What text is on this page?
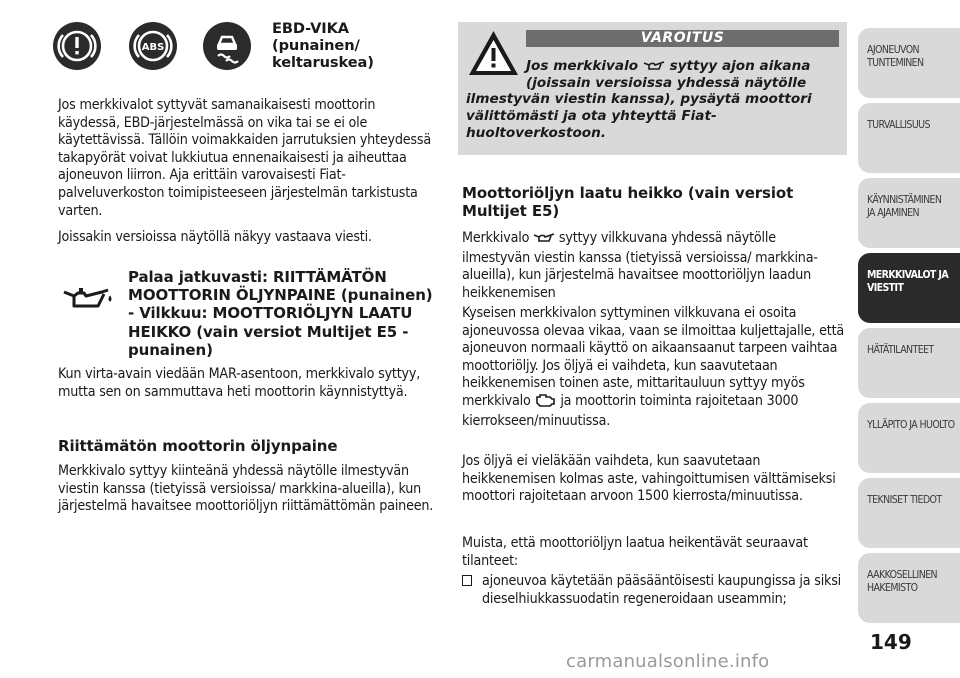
ABS
EBD-VIKA
(punainen/
keltaruskea)

Jos merkkivalot syttyvät samanaikaisesti moottorin käydessä, EBD-järjestelmässä on vika tai se ei ole käytettävissä. Tällöin voimakkaiden jarrutuksien yhteydessä takapyörät voivat lukkiutua ennenaikaisesti ja aiheuttaa ajoneuvon liirron. Aja erittäin varovaisesti Fiat-palveluverkoston toimipisteeseen järjestelmän tarkistusta varten.

Joissakin versioissa näytöllä näkyy vastaava viesti.

Palaa jatkuvasti: RIITTÄMÄTÖN MOOTTORIN ÖLJYNPAINE (punainen) - Vilkkuu: MOOTTORIÖLJYN LAATU HEIKKO (vain versiot Multijet E5 - punainen)
Kun virta-avain viedään MAR-asentoon, merkkivalo syttyy, mutta sen on sammuttava heti moottorin käynnistyttyä.
Riittämätön moottorin öljynpaine
Merkkivalo syttyy kiinteänä yhdessä näytölle ilmestyvän viestin kanssa (tietyissä versioissa/ markkina-alueilla), kun järjestelmä havaitsee moottoriöljyn riittämättömän paineen.
VAROITUS
Jos merkkivalo syttyy ajon aikana
(joissain versioissa yhdessä näytölle
ilmestyvän viestin kanssa), pysäytä moottori
välittömästi ja ota yhteyttä Fiat-
huoltoverkostoon.
Moottoriöljyn laatu heikko (vain versiot Multijet E5)
Merkkivalo syttyy vilkkuvana yhdessä näytölle ilmestyvän viestin kanssa (tietyissä versioissa/ markkina-alueilla), kun järjestelmä havaitsee moottoriöljyn laadun heikkenemisen
Kyseisen merkkivalon syttyminen vilkkuvana ei osoita ajoneuvossa olevaa vikaa, vaan se ilmoittaa kuljettajalle, että ajoneuvon normaali käyttö on aikaansaanut tarpeen vaihtaa moottoriöljy. Jos öljyä ei vaihdeta, kun saavutetaan heikkenemisen toinen aste, mittaritauluun syttyy myös merkkivalo ja moottorin toiminta rajoitetaan 3000 kierrokseen/minuutissa.
Jos öljyä ei vieläkään vaihdeta, kun saavutetaan heikkenemisen kolmas aste, vahingoittumisen välttämiseksi moottori rajoitetaan arvoon 1500 kierrosta/minuutissa.
Muista, että moottoriöljyn laatua heikentävät seuraavat tilanteet:
ajoneuvoa käytetään pääsääntöisesti kaupungissa ja siksi dieselhiukkassuodatin regeneroidaan useammin;
AJONEUVON
TUNTEMINEN
TURVALLISUUS
KÄYNNISTÄMINEN
JA AJAMINEN
MERKKIVALOT JA
VIESTIT
HÄTÄTILANTEET
YLLÄPITO JA HUOLTO
TEKNISET TIEDOT
AAKKOSELLINEN
HAKEMISTO
149
carmanualsonline.info
